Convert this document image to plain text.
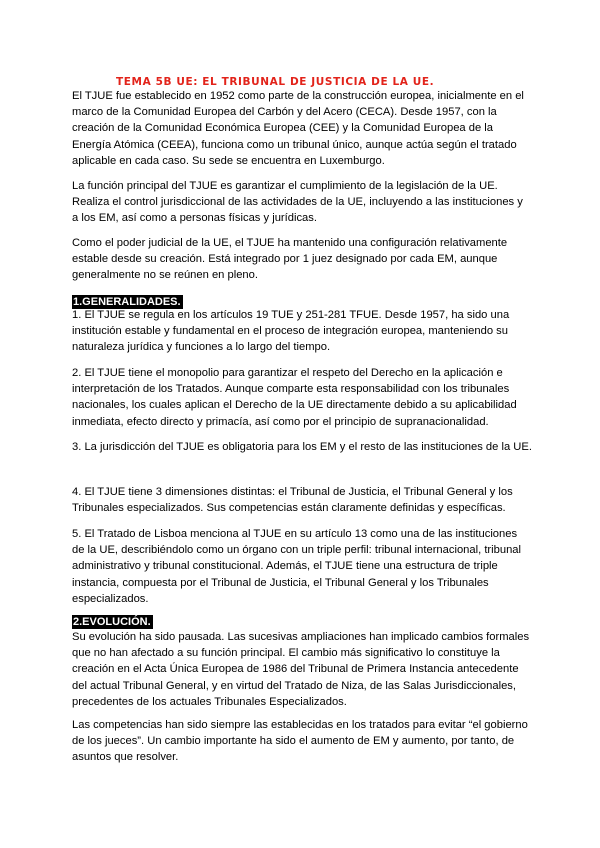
TEMA 5B UE: EL TRIBUNAL DE JUSTICIA DE LA UE.

El TJUE fue establecido en 1952 como parte de la construcción europea, inicialmente en el marco de la Comunidad Europea del Carbón y del Acero (CECA). Desde 1957, con la creación de la Comunidad Económica Europea (CEE) y la Comunidad Europea de la Energía Atómica (CEEA), funciona como un tribunal único, aunque actúa según el tratado aplicable en cada caso. Su sede se encuentra en Luxemburgo.

La función principal del TJUE es garantizar el cumplimiento de la legislación de la UE. Realiza el control jurisdiccional de las actividades de la UE, incluyendo a las instituciones y a los EM, así como a personas físicas y jurídicas.

Como el poder judicial de la UE, el TJUE ha mantenido una configuración relativamente estable desde su creación. Está integrado por 1 juez designado por cada EM, aunque generalmente no se reúnen en pleno.

1.GENERALIDADES.

1. El TJUE se regula en los artículos 19 TUE y 251-281 TFUE. Desde 1957, ha sido una institución estable y fundamental en el proceso de integración europea, manteniendo su naturaleza jurídica y funciones a lo largo del tiempo.

2. El TJUE tiene el monopolio para garantizar el respeto del Derecho en la aplicación e interpretación de los Tratados. Aunque comparte esta responsabilidad con los tribunales nacionales, los cuales aplican el Derecho de la UE directamente debido a su aplicabilidad inmediata, efecto directo y primacía, así como por el principio de supranacionalidad.

3. La jurisdicción del TJUE es obligatoria para los EM y el resto de las instituciones de la UE.

4. El TJUE tiene 3 dimensiones distintas: el Tribunal de Justicia, el Tribunal General y los Tribunales especializados. Sus competencias están claramente definidas y específicas.

5. El Tratado de Lisboa menciona al TJUE en su artículo 13 como una de las instituciones de la UE, describiéndolo como un órgano con un triple perfil: tribunal internacional, tribunal administrativo y tribunal constitucional. Además, el TJUE tiene una estructura de triple instancia, compuesta por el Tribunal de Justicia, el Tribunal General y los Tribunales especializados.

2.EVOLUCIÓN.

Su evolución ha sido pausada. Las sucesivas ampliaciones han implicado cambios formales que no han afectado a su función principal. El cambio más significativo lo constituye la creación en el Acta Única Europea de 1986 del Tribunal de Primera Instancia antecedente del actual Tribunal General, y en virtud del Tratado de Niza, de las Salas Jurisdiccionales, precedentes de los actuales Tribunales Especializados.

Las competencias han sido siempre las establecidas en los tratados para evitar “el gobierno de los jueces”. Un cambio importante ha sido el aumento de EM y aumento, por tanto, de asuntos que resolver.
